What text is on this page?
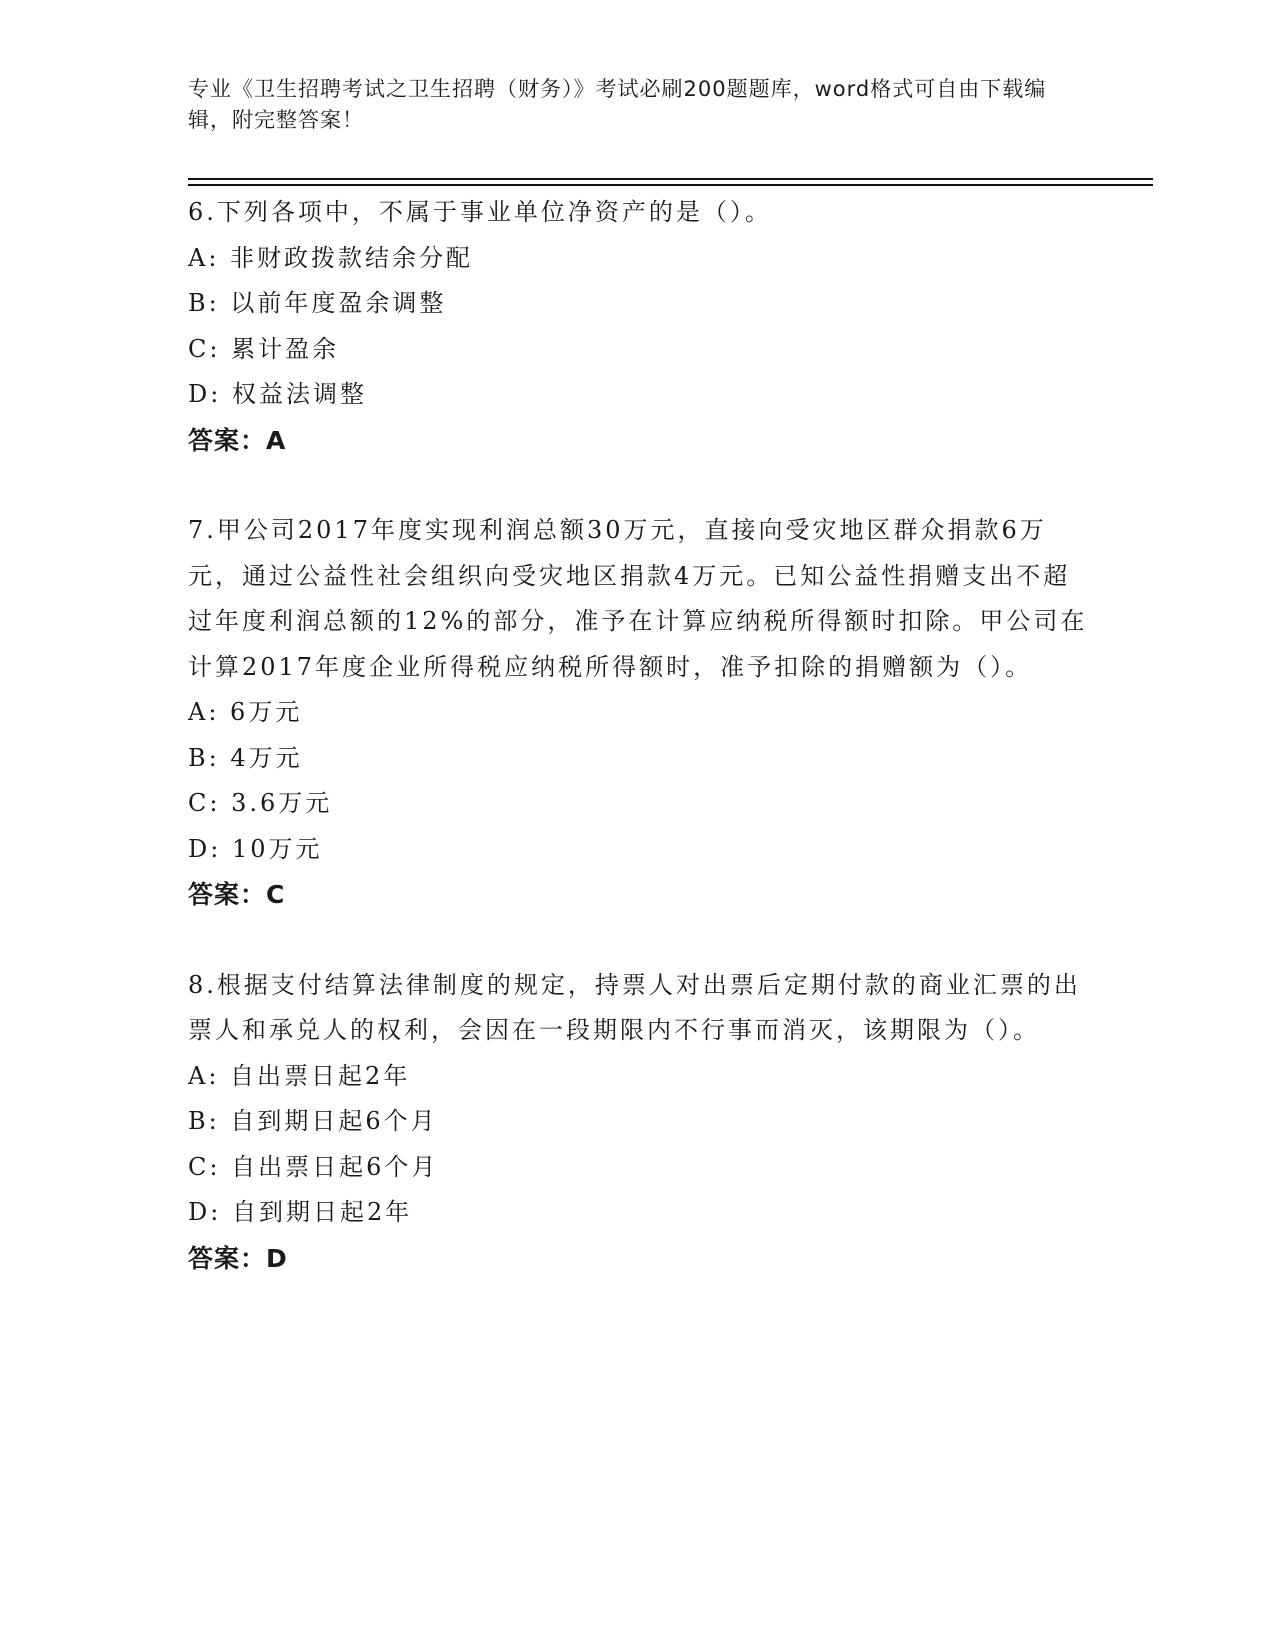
专业《卫生招聘考试之卫生招聘（财务）》考试必刷200题题库，word格式可自由下载编辑，附完整答案！

6.下列各项中，不属于事业单位净资产的是（）。

A: 非财政拨款结余分配

B: 以前年度盈余调整

C: 累计盈余

D: 权益法调整

答案：A

7.甲公司2017年度实现利润总额30万元，直接向受灾地区群众捐款6万元，通过公益性社会组织向受灾地区捐款4万元。已知公益性捐赠支出不超过年度利润总额的12%的部分，准予在计算应纳税所得额时扣除。甲公司在计算2017年度企业所得税应纳税所得额时，准予扣除的捐赠额为（）。

A: 6万元

B: 4万元

C: 3.6万元

D: 10万元

答案：C

8.根据支付结算法律制度的规定，持票人对出票后定期付款的商业汇票的出票人和承兑人的权利，会因在一段期限内不行事而消灭，该期限为（）。

A: 自出票日起2年

B: 自到期日起6个月

C: 自出票日起6个月

D: 自到期日起2年

答案：D
